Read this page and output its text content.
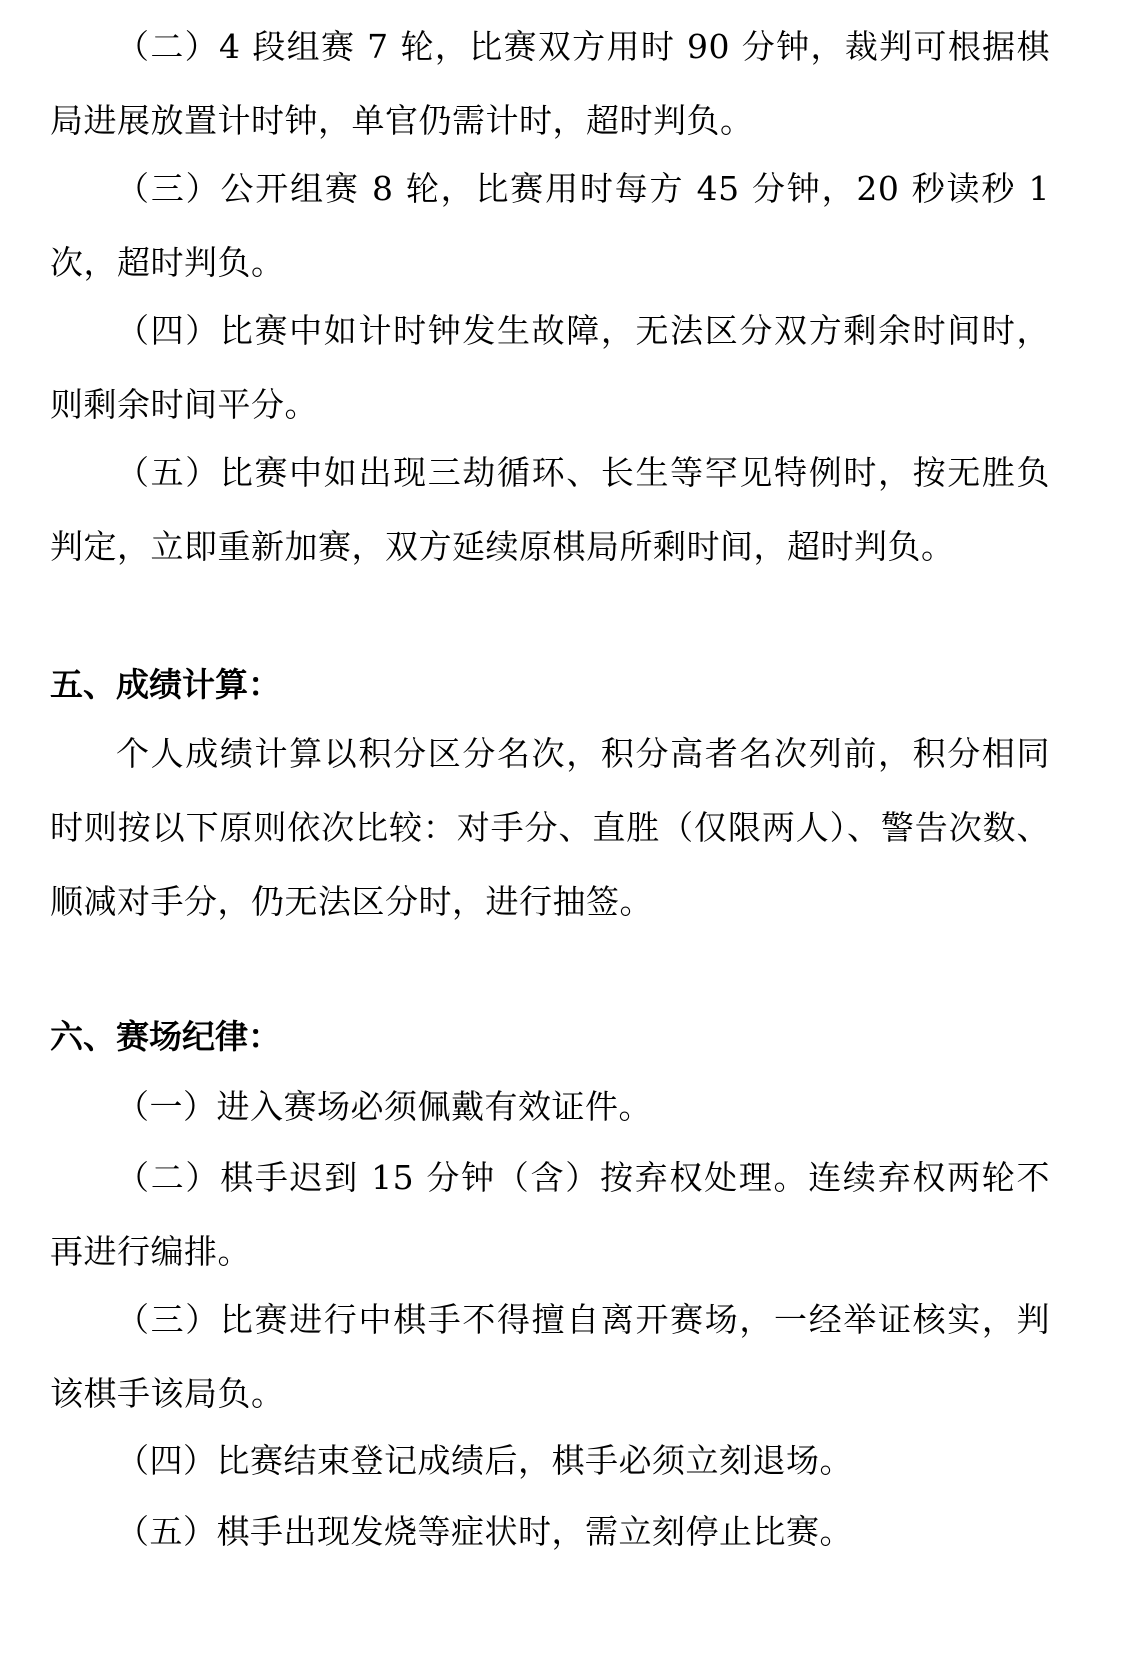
（二）4 段组赛 7 轮，比赛双方用时 90 分钟，裁判可根据棋局进展放置计时钟，单官仍需计时，超时判负。

（三）公开组赛 8 轮，比赛用时每方 45 分钟，20 秒读秒 1 次，超时判负。

（四）比赛中如计时钟发生故障，无法区分双方剩余时间时，则剩余时间平分。

（五）比赛中如出现三劫循环、长生等罕见特例时，按无胜负判定，立即重新加赛，双方延续原棋局所剩时间，超时判负。

五、成绩计算：

个人成绩计算以积分区分名次，积分高者名次列前，积分相同时则按以下原则依次比较：对手分、直胜（仅限两人）、警告次数、顺减对手分，仍无法区分时，进行抽签。

六、赛场纪律：

（一）进入赛场必须佩戴有效证件。

（二）棋手迟到 15 分钟（含）按弃权处理。连续弃权两轮不再进行编排。

（三）比赛进行中棋手不得擅自离开赛场，一经举证核实，判该棋手该局负。

（四）比赛结束登记成绩后，棋手必须立刻退场。

（五）棋手出现发烧等症状时，需立刻停止比赛。
